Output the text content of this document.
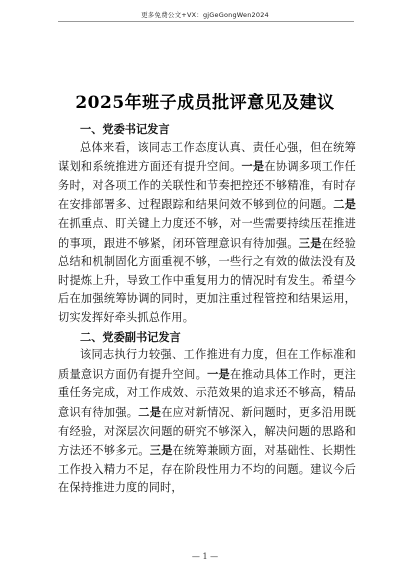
更多免费公文+VX：gjGeGongWen2024
2025年班子成员批评意见及建议

一、党委书记发言

总体来看，该同志工作态度认真、责任心强，但在统筹谋划和系统推进方面还有提升空间。一是在协调多项工作任务时，对各项工作的关联性和节奏把控还不够精准，有时存在安排部署多、过程跟踪和结果问效不够到位的问题。二是在抓重点、盯关键上力度还不够，对一些需要持续压茬推进的事项，跟进不够紧，闭环管理意识有待加强。三是在经验总结和机制固化方面重视不够，一些行之有效的做法没有及时提炼上升，导致工作中重复用力的情况时有发生。希望今后在加强统筹协调的同时，更加注重过程管控和结果运用，切实发挥好牵头抓总作用。

二、党委副书记发言

该同志执行力较强、工作推进有力度，但在工作标准和质量意识方面仍有提升空间。一是在推动具体工作时，更注重任务完成，对工作成效、示范效果的追求还不够高，精品意识有待加强。二是在应对新情况、新问题时，更多沿用既有经验，对深层次问题的研究不够深入，解决问题的思路和方法还不够多元。三是在统筹兼顾方面，对基础性、长期性工作投入精力不足，存在阶段性用力不均的问题。建议今后在保持推进力度的同时，

— 1 —
